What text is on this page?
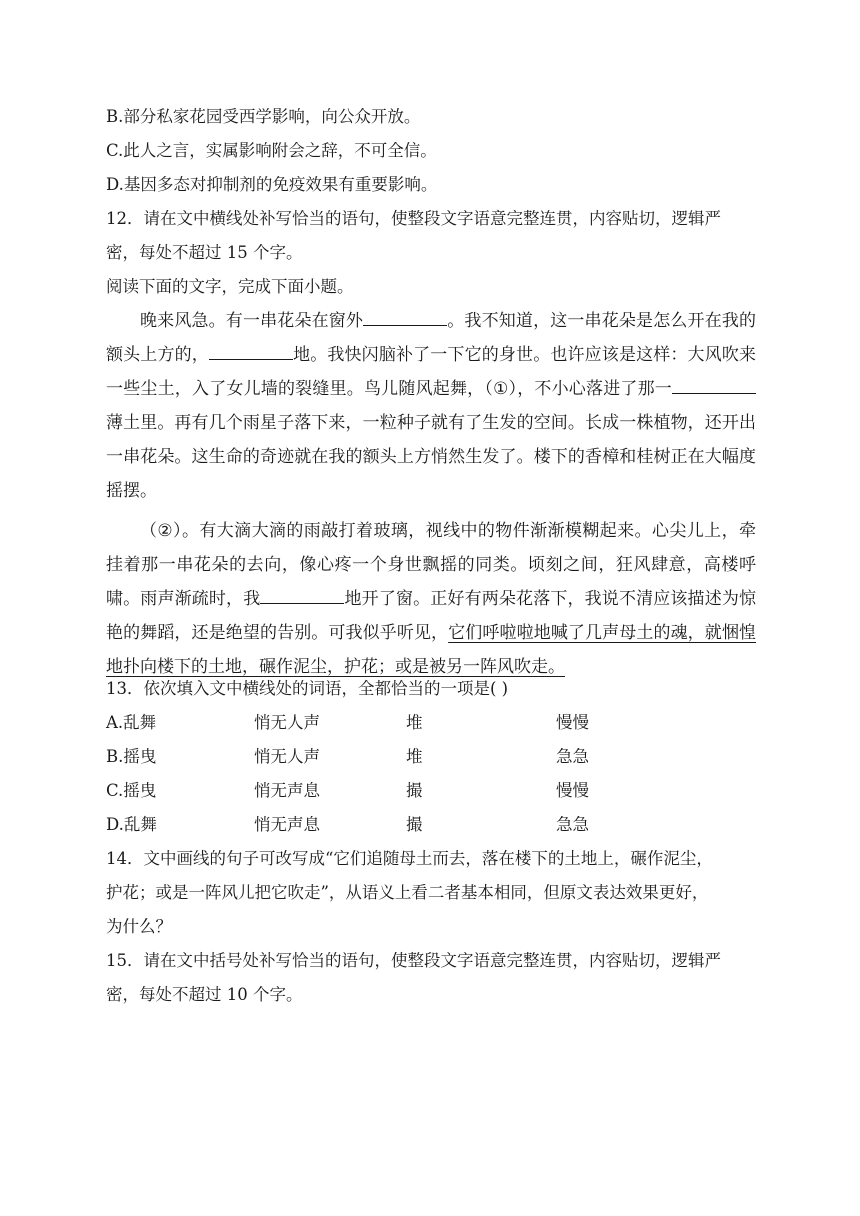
B.部分私家花园受西学影响，向公众开放。
C.此人之言，实属影响附会之辞，不可全信。
D.基因多态对抑制剂的免疫效果有重要影响。
12．请在文中横线处补写恰当的语句，使整段文字语意完整连贯，内容贴切，逻辑严
密，每处不超过 15 个字。
阅读下面的文字，完成下面小题。

晚来风急。有一串花朵在窗外	。我不知道，这一串花朵是怎么开在我的额头上方的，	地。我快闪脑补了一下它的身世。也许应该是这样：大风吹来一些尘土，入了女儿墙的裂缝里。鸟儿随风起舞，（①），不小心落进了那一薄土里。再有几个雨星子落下来，一粒种子就有了生发的空间。长成一株植物，还开出一串花朵。这生命的奇迹就在我的额头上方悄然生发了。楼下的香樟和桂树正在大幅度摇摆。

（②）。有大滴大滴的雨敲打着玻璃，视线中的物件渐渐模糊起来。心尖儿上，牵挂着那一串花朵的去向，像心疼一个身世飘摇的同类。顷刻之间，狂风肆意，高楼呼啸。雨声渐疏时，我	地开了窗。正好有两朵花落下，我说不清应该描述为惊艳的舞蹈，还是绝望的告别。可我似乎听见，它们呼啦啦地喊了几声母土的魂，就悃惶地扑向楼下的土地，碾作泥尘，护花；或是被另一阵风吹走。

13．依次填入文中横线处的词语，全都恰当的一项是( )
A.乱舞	悄无人声	堆	慢慢
B.摇曳	悄无人声	堆	急急
C.摇曳	悄无声息	撮	慢慢
D.乱舞	悄无声息	撮	急急
14．文中画线的句子可改写成“它们追随母土而去，落在楼下的土地上，碾作泥尘，
护花；或是一阵风儿把它吹走”，从语义上看二者基本相同，但原文表达效果更好，
为什么？
15．请在文中括号处补写恰当的语句，使整段文字语意完整连贯，内容贴切，逻辑严
密，每处不超过 10 个字。
